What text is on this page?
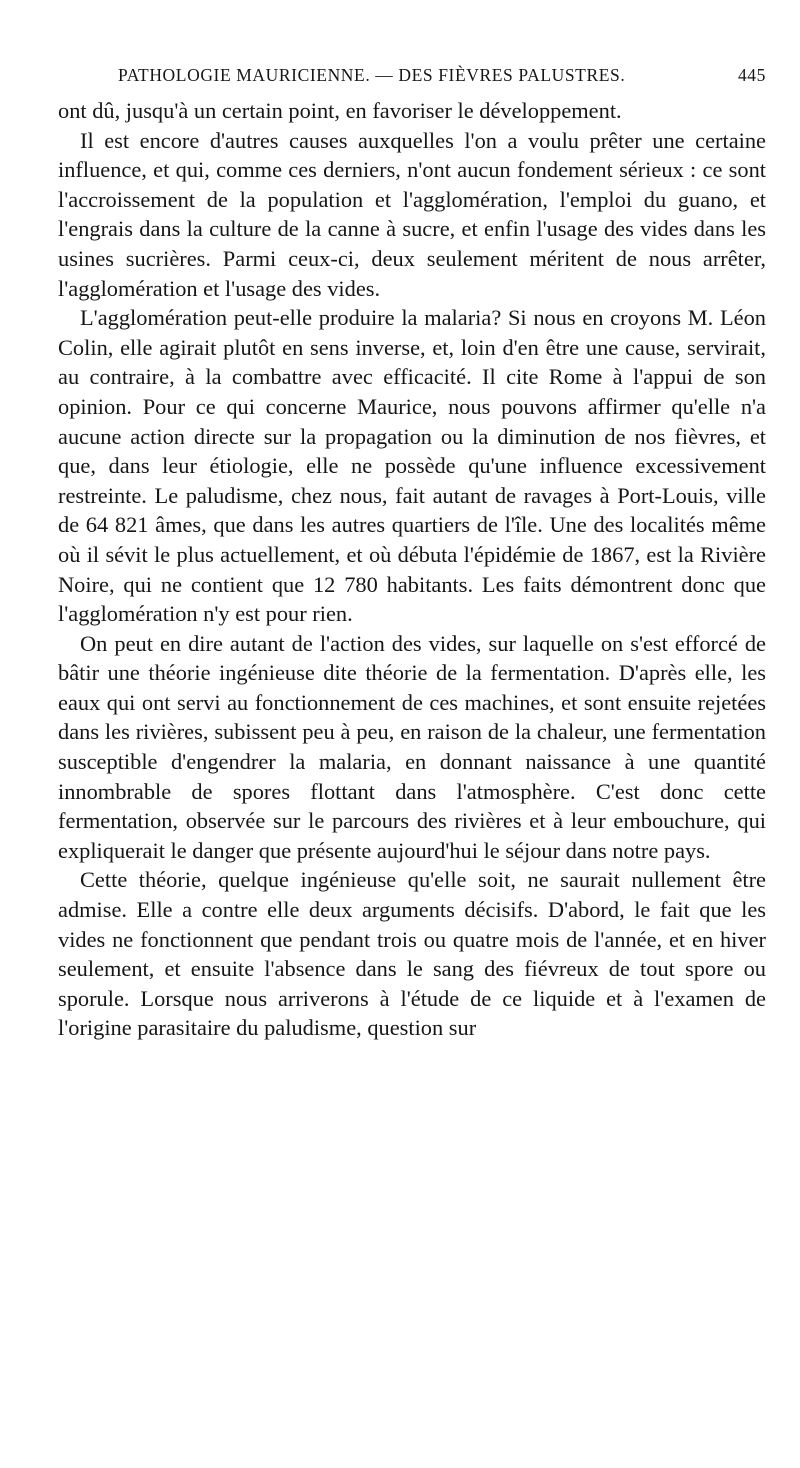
PATHOLOGIE MAURICIENNE. — DES FIÈVRES PALUSTRES.	445

ont dû, jusqu'à un certain point, en favoriser le développement.

Il est encore d'autres causes auxquelles l'on a voulu prêter une certaine influence, et qui, comme ces derniers, n'ont aucun fondement sérieux : ce sont l'accroissement de la population et l'agglomération, l'emploi du guano, et l'engrais dans la culture de la canne à sucre, et enfin l'usage des vides dans les usines sucrières. Parmi ceux-ci, deux seulement méritent de nous arrêter, l'agglomération et l'usage des vides.

L'agglomération peut-elle produire la malaria? Si nous en croyons M. Léon Colin, elle agirait plutôt en sens inverse, et, loin d'en être une cause, servirait, au contraire, à la combattre avec efficacité. Il cite Rome à l'appui de son opinion. Pour ce qui concerne Maurice, nous pouvons affirmer qu'elle n'a aucune action directe sur la propagation ou la diminution de nos fièvres, et que, dans leur étiologie, elle ne possède qu'une influence excessivement restreinte. Le paludisme, chez nous, fait autant de ravages à Port-Louis, ville de 64 821 âmes, que dans les autres quartiers de l'île. Une des localités même où il sévit le plus actuellement, et où débuta l'épidémie de 1867, est la Rivière Noire, qui ne contient que 12 780 habitants. Les faits démontrent donc que l'agglomération n'y est pour rien.

On peut en dire autant de l'action des vides, sur laquelle on s'est efforcé de bâtir une théorie ingénieuse dite théorie de la fermentation. D'après elle, les eaux qui ont servi au fonctionnement de ces machines, et sont ensuite rejetées dans les rivières, subissent peu à peu, en raison de la chaleur, une fermentation susceptible d'engendrer la malaria, en donnant naissance à une quantité innombrable de spores flottant dans l'atmosphère. C'est donc cette fermentation, observée sur le parcours des rivières et à leur embouchure, qui expliquerait le danger que présente aujourd'hui le séjour dans notre pays.

Cette théorie, quelque ingénieuse qu'elle soit, ne saurait nullement être admise. Elle a contre elle deux arguments décisifs. D'abord, le fait que les vides ne fonctionnent que pendant trois ou quatre mois de l'année, et en hiver seulement, et ensuite l'absence dans le sang des fiévreux de tout spore ou sporule. Lorsque nous arriverons à l'étude de ce liquide et à l'examen de l'origine parasitaire du paludisme, question sur
